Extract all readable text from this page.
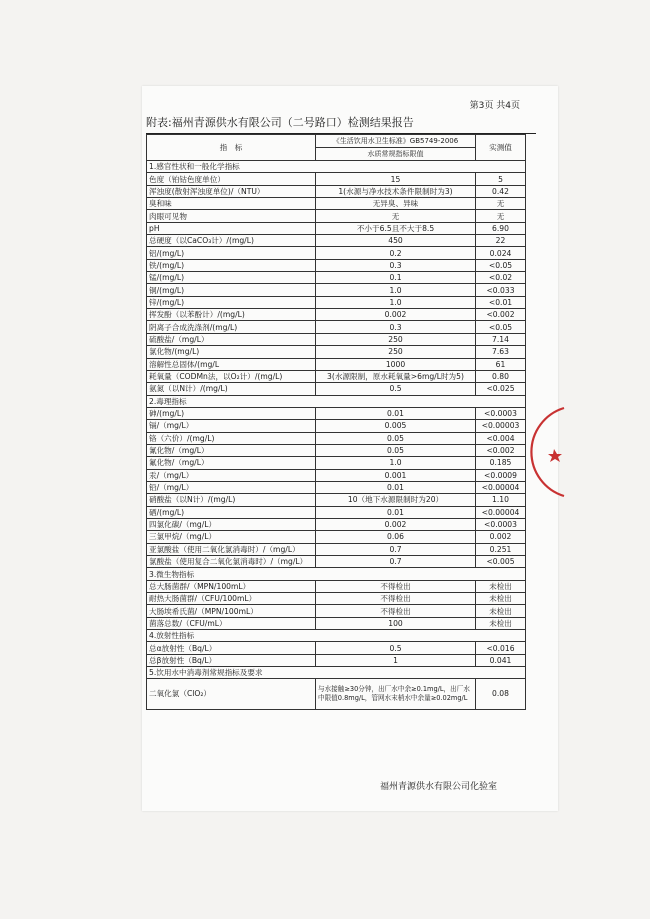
第3页 共4页
附表:福州青源供水有限公司（二号路口）检测结果报告
指　标	《生活饮用水卫生标准》GB5749-2006	实测值
	水质常规指标限值	
1.感官性状和一般化学指标		
色度（铂钴色度单位）	15	5
浑浊度(散射浑浊度单位)/（NTU）	1(水源与净水技术条件限制时为3)	0.42
臭和味	无异臭、异味	无
肉眼可见物	无	无
pH	不小于6.5且不大于8.5	6.90
总硬度（以CaCO₃计）/(mg/L)	450	22
铝/(mg/L)	0.2	0.024
铁/(mg/L)	0.3	<0.05
锰/(mg/L)	0.1	<0.02
铜/(mg/L)	1.0	<0.033
锌/(mg/L)	1.0	<0.01
挥发酚（以苯酚计）/(mg/L)	0.002	<0.002
阴离子合成洗涤剂/(mg/L)	0.3	<0.05
硫酸盐/（mg/L）	250	7.14
氯化物/(mg/L)	250	7.63
溶解性总固体/(mg/L	1000	61
耗氧量（CODMn法，以O₂计）/(mg/L)	3(水源限制，原水耗氧量>6mg/L时为5)	0.80
氨氮（以N计）/(mg/L)	0.5	<0.025
2.毒理指标		
砷/(mg/L)	0.01	<0.0003
镉/（mg/L）	0.005	<0.00003
铬（六价）/(mg/L)	0.05	<0.004
氰化物/（mg/L）	0.05	<0.002
氟化物/（mg/L）	1.0	0.185
汞/（mg/L）	0.001	<0.0009
铅/（mg/L）	0.01	<0.00004
硝酸盐（以N计）/(mg/L)	10（地下水源限制时为20）	1.10
硒/(mg/L)	0.01	<0.00004
四氯化碳/（mg/L）	0.002	<0.0003
三氯甲烷/（mg/L）	0.06	0.002
亚氯酸盐（使用二氧化氯消毒时）/（mg/L）	0.7	0.251
氯酸盐（使用复合二氧化氯消毒时）/（mg/L）	0.7	<0.005
3.微生物指标		
总大肠菌群/（MPN/100mL）	不得检出	未检出
耐热大肠菌群/（CFU/100mL）	不得检出	未检出
大肠埃希氏菌/（MPN/100mL）	不得检出	未检出
菌落总数/（CFU/mL）	100	未检出
4.放射性指标		
总α放射性（Bq/L）	0.5	<0.016
总β放射性（Bq/L）	1	0.041
5.饮用水中消毒剂常规指标及要求		
二氧化氯（ClO₂）	与水接触≥30分钟，出厂水中余≥0.1mg/L，出厂水中限值0.8mg/L，管网水末梢水中余量≥0.02mg/L	0.08
福州青源供水有限公司化验室
